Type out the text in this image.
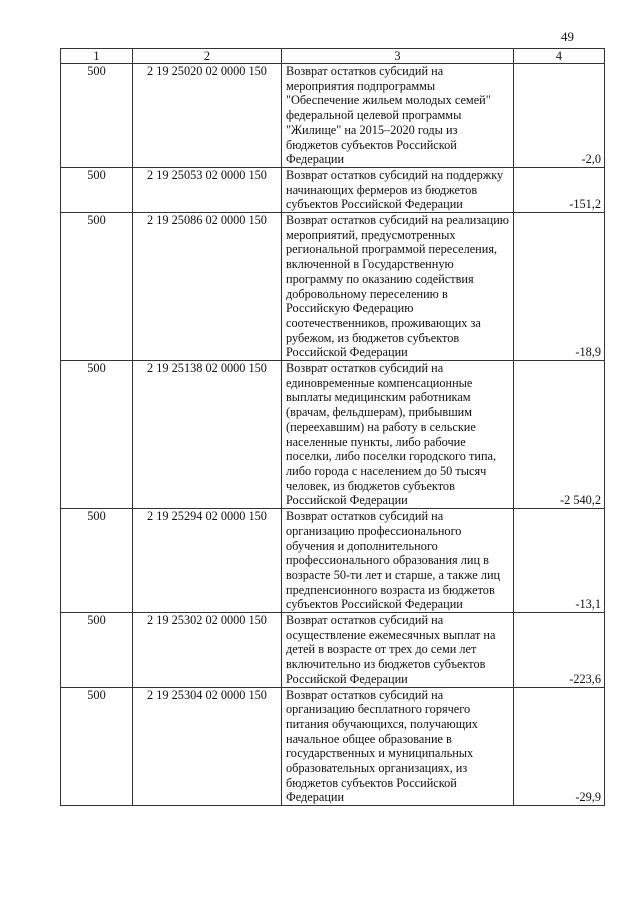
49
1	2	3	4
500	2 19 25020 02 0000 150	Возврат остатков субсидий на мероприятия подпрограммы "Обеспечение жильем молодых семей" федеральной целевой программы "Жилище" на 2015–2020 годы из бюджетов субъектов Российской Федерации	-2,0
500	2 19 25053 02 0000 150	Возврат остатков субсидий на поддержку начинающих фермеров из бюджетов субъектов Российской Федерации	-151,2
500	2 19 25086 02 0000 150	Возврат остатков субсидий на реализацию мероприятий, предусмотренных региональной программой переселения, включенной в Государственную программу по оказанию содействия добровольному переселению в Российскую Федерацию соотечественников, проживающих за рубежом, из бюджетов субъектов Российской Федерации	-18,9
500	2 19 25138 02 0000 150	Возврат остатков субсидий на единовременные компенсационные выплаты медицинским работникам (врачам, фельдшерам), прибывшим (переехавшим) на работу в сельские населенные пункты, либо рабочие поселки, либо поселки городского типа, либо города с населением до 50 тысяч человек, из бюджетов субъектов Российской Федерации	-2 540,2
500	2 19 25294 02 0000 150	Возврат остатков субсидий на организацию профессионального обучения и дополнительного профессионального образования лиц в возрасте 50-ти лет и старше, а также лиц предпенсионного возраста из бюджетов субъектов Российской Федерации	-13,1
500	2 19 25302 02 0000 150	Возврат остатков субсидий на осуществление ежемесячных выплат на детей в возрасте от трех до семи лет включительно из бюджетов субъектов Российской Федерации	-223,6
500	2 19 25304 02 0000 150	Возврат остатков субсидий на организацию бесплатного горячего питания обучающихся, получающих начальное общее образование в государственных и муниципальных образовательных организациях, из бюджетов субъектов Российской Федерации	-29,9
